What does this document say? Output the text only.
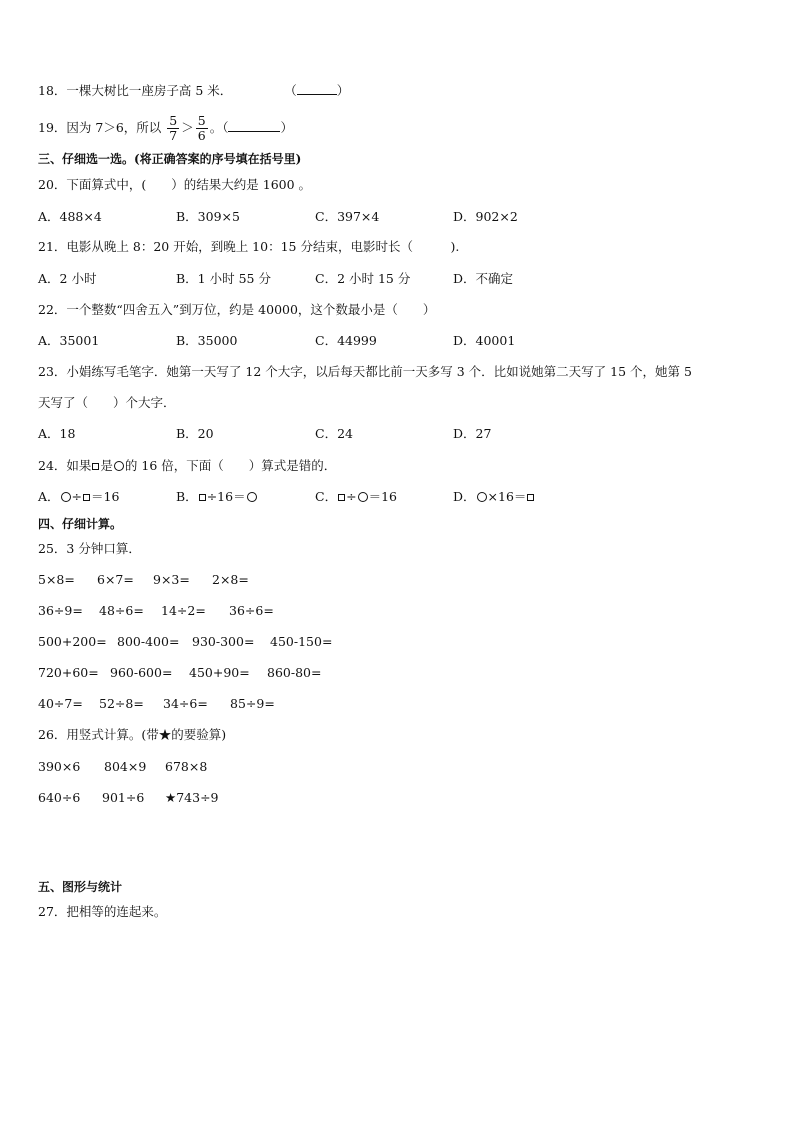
18．一棵大树比一座房子高 5 米．	（	）
19．因为 7＞6，所以 $\frac{5}{7} > \frac{5}{6}$ 。（	）
三、仔细选一选。(将正确答案的序号填在括号里)
20．下面算式中，(　　）的结果大约是 1600 。
A．488×4	B．309×5	C．397×4	D．902×2
21．电影从晚上 8：20 开始，到晚上 10：15 分结束，电影时长（　　　).
A．2 小时	B．1 小时 55 分	C．2 小时 15 分	D．不确定
22．一个整数“四舍五入”到万位，约是 40000，这个数最小是（　　）
A．35001	B．35000	C．44999	D．40001
23．小娟练写毛笔字．她第一天写了 12 个大字，以后每天都比前一天多写 3 个．比如说她第二天写了 15 个，她第 5
天写了（　　）个大字．
A．18	B．20	C．24	D．27
24．如果 是 的 16 倍，下面（　　）算式是错的．
A． ÷ ＝16	B． ÷16＝	C． ÷ ＝16	D． ×16＝
四、仔细计算。
25．3 分钟口算．
5×8= 6×7= 9×3= 2×8=
36÷9= 48÷6= 14÷2= 36÷6=
500+200= 800-400= 930-300= 450-150=
720+60= 960-600= 450+90= 860-80=
40÷7= 52÷8= 34÷6= 85÷9=
26．用竖式计算。(带★的要验算)
390×6 804×9 678×8
640÷6 901÷6 ★743÷9
五、图形与统计
27．把相等的连起来。
